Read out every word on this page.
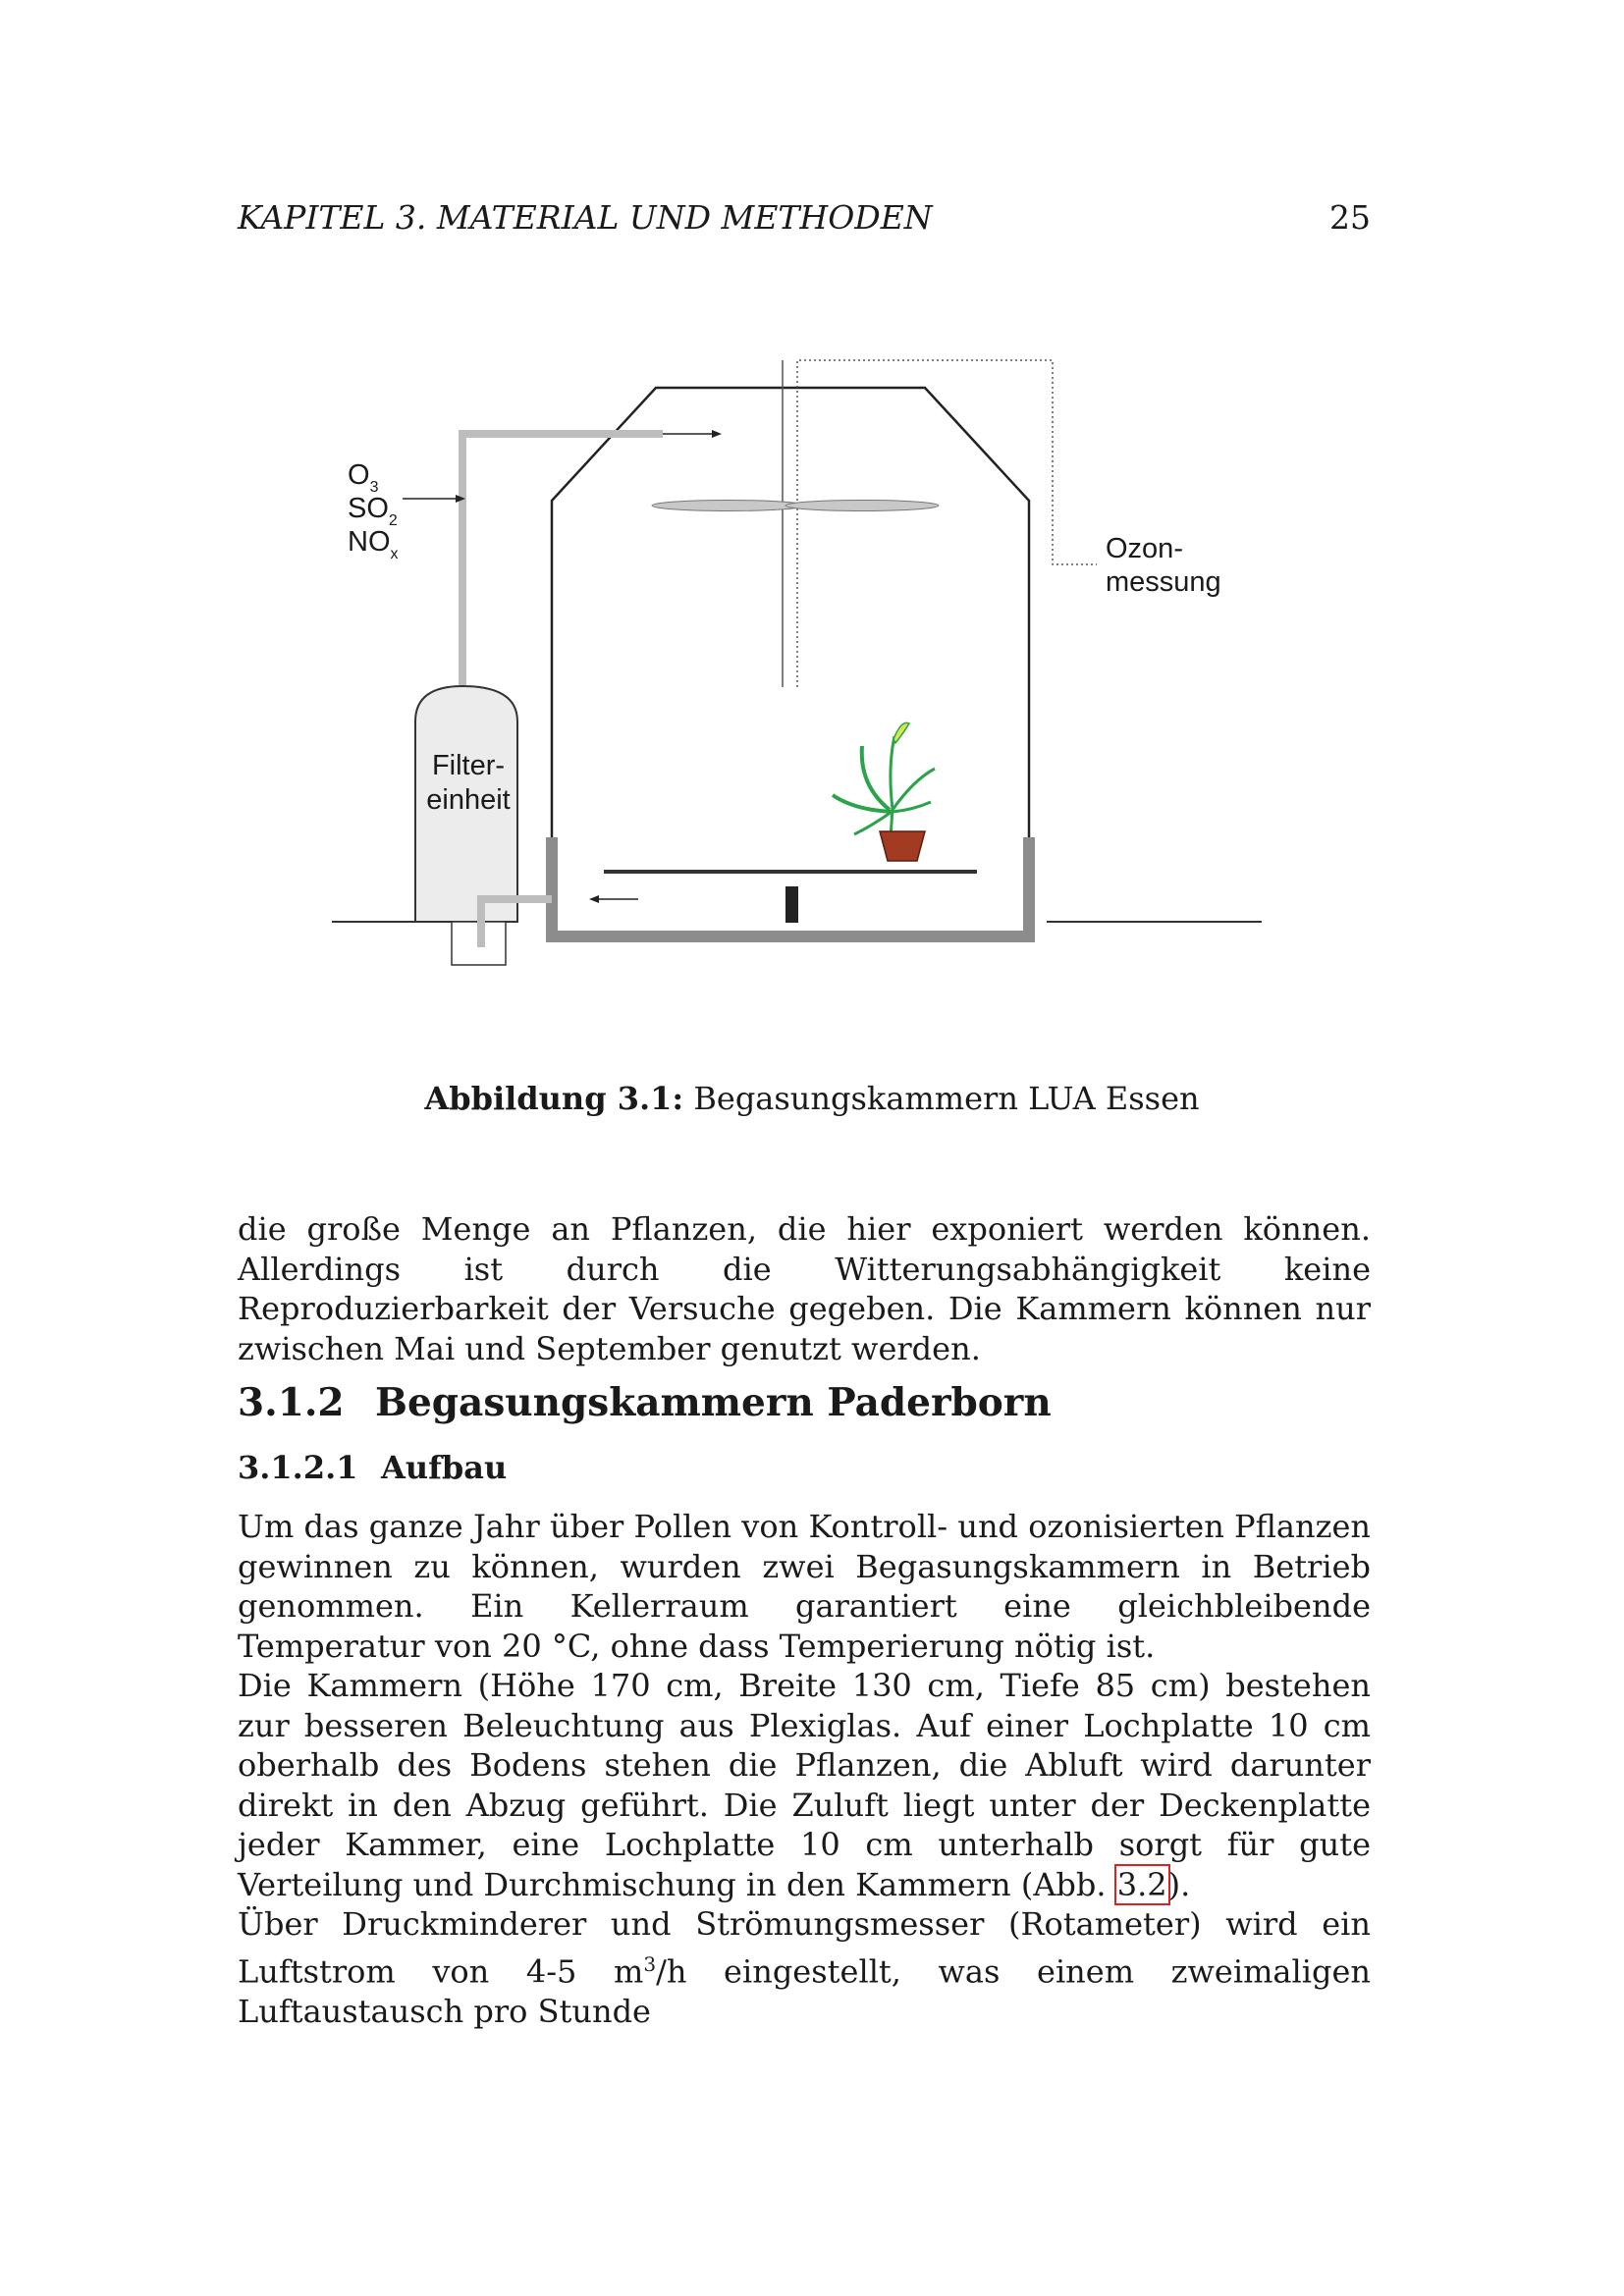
KAPITEL 3. MATERIAL UND METHODEN	25
$O_3$
$SO_2$
$NO_x$
Filter-
einheit
Ozon-
messung
Abbildung 3.1: Begasungskammern LUA Essen
die große Menge an Pflanzen, die hier exponiert werden können. Allerdings ist durch die Witterungsabhängigkeit keine Reproduzierbarkeit der Versuche gegeben. Die Kammern können nur zwischen Mai und September genutzt werden.
3.1.2 Begasungskammern Paderborn
3.1.2.1 Aufbau
Um das ganze Jahr über Pollen von Kontroll- und ozonisierten Pflanzen gewinnen zu können, wurden zwei Begasungskammern in Betrieb genommen. Ein Kellerraum garantiert eine gleichbleibende Temperatur von 20 °C, ohne dass Temperierung nötig ist.
Die Kammern (Höhe 170 cm, Breite 130 cm, Tiefe 85 cm) bestehen zur besseren Beleuchtung aus Plexiglas. Auf einer Lochplatte 10 cm oberhalb des Bodens stehen die Pflanzen, die Abluft wird darunter direkt in den Abzug geführt. Die Zuluft liegt unter der Deckenplatte jeder Kammer, eine Lochplatte 10 cm unterhalb sorgt für gute Verteilung und Durchmischung in den Kammern (Abb. 3.2).
Über Druckminderer und Strömungsmesser (Rotameter) wird ein Luftstrom von 4-5 $m^3/h$ eingestellt, was einem zweimaligen Luftaustausch pro Stunde
